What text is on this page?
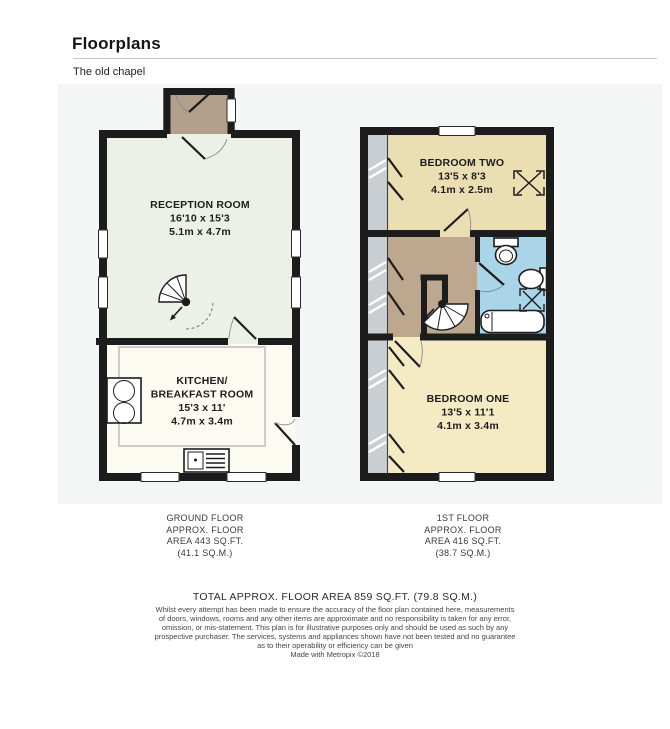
Floorplans
The old chapel
RECEPTION ROOM
16'10 x 15'3
5.1m x 4.7m
KITCHEN/
BREAKFAST ROOM
15'3 x 11'
4.7m x 3.4m
BEDROOM TWO
13'5 x 8'3
4.1m x 2.5m
BEDROOM ONE
13'5 x 11'1
4.1m x 3.4m
GROUND FLOOR
APPROX. FLOOR
AREA 443 SQ.FT.
(41.1 SQ.M.)
1ST FLOOR
APPROX. FLOOR
AREA 416 SQ.FT.
(38.7 SQ.M.)
TOTAL APPROX. FLOOR AREA 859 SQ.FT. (79.8 SQ.M.)
Whilst every attempt has been made to ensure the accuracy of the floor plan contained here, measurements
of doors, windows, rooms and any other items are approximate and no responsibility is taken for any error,
omission, or mis-statement. This plan is for illustrative purposes only and should be used as such by any
prospective purchaser. The services, systems and appliances shown have not been tested and no guarantee
as to their operability or efficiency can be given
Made with Metropix ©2018
